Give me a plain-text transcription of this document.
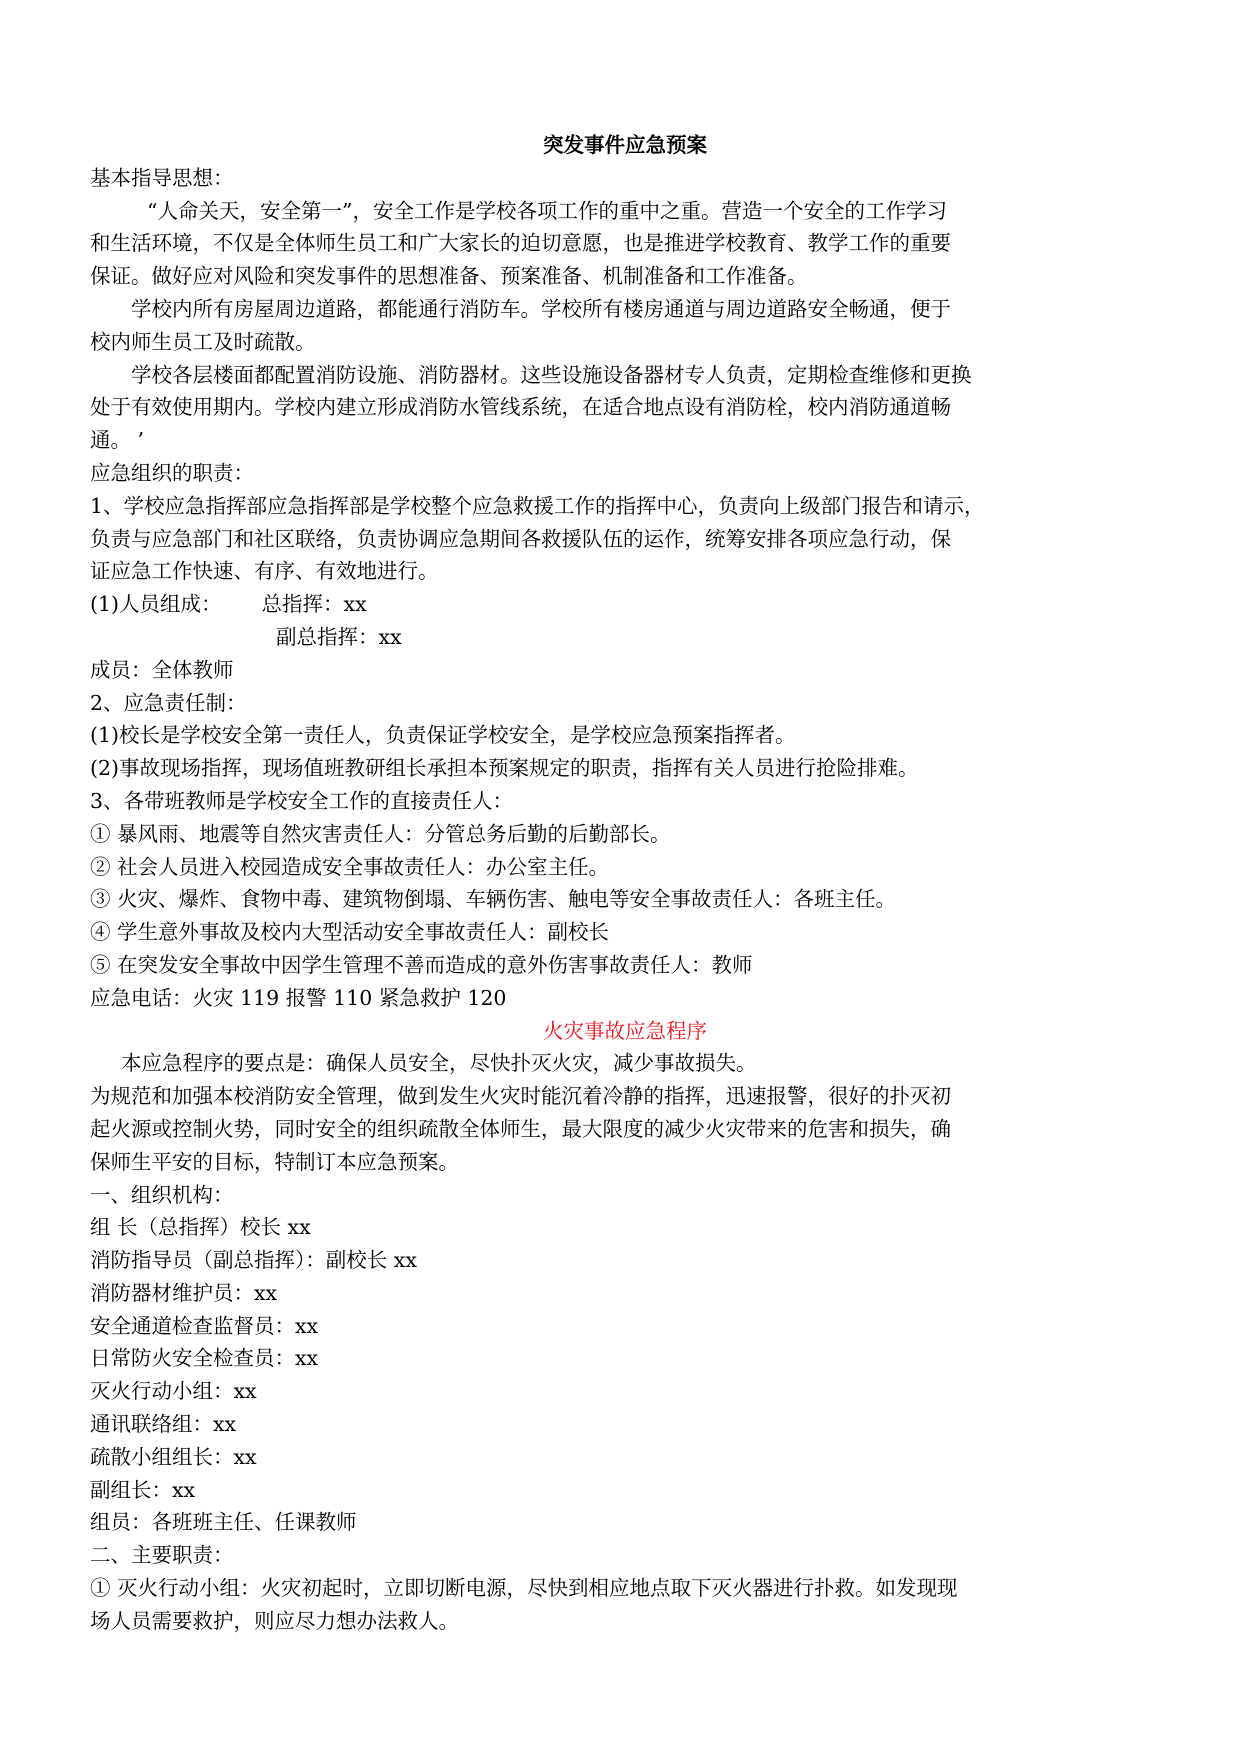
突发事件应急预案
基本指导思想：
“人命关天，安全第一”，安全工作是学校各项工作的重中之重。营造一个安全的工作学习
和生活环境，不仅是全体师生员工和广大家长的迫切意愿，也是推进学校教育、教学工作的重要
保证。做好应对风险和突发事件的思想准备、预案准备、机制准备和工作准备。
学校内所有房屋周边道路，都能通行消防车。学校所有楼房通道与周边道路安全畅通，便于
校内师生员工及时疏散。
学校各层楼面都配置消防设施、消防器材。这些设施设备器材专人负责，定期检查维修和更换
处于有效使用期内。学校内建立形成消防水管线系统，在适合地点设有消防栓，校内消防通道畅
通。 ’
应急组织的职责：
1、学校应急指挥部应急指挥部是学校整个应急救援工作的指挥中心，负责向上级部门报告和请示，
负责与应急部门和社区联络，负责协调应急期间各救援队伍的运作，统筹安排各项应急行动，保
证应急工作快速、有序、有效地进行。
(1)人员组成： 总指挥：xx
副总指挥：xx
成员：全体教师
2、应急责任制：
(1)校长是学校安全第一责任人，负责保证学校安全，是学校应急预案指挥者。
(2)事故现场指挥，现场值班教研组长承担本预案规定的职责，指挥有关人员进行抢险排难。
3、各带班教师是学校安全工作的直接责任人：
① 暴风雨、地震等自然灾害责任人：分管总务后勤的后勤部长。
② 社会人员进入校园造成安全事故责任人：办公室主任。
③ 火灾、爆炸、食物中毒、建筑物倒塌、车辆伤害、触电等安全事故责任人：各班主任。
④ 学生意外事故及校内大型活动安全事故责任人：副校长
⑤ 在突发安全事故中因学生管理不善而造成的意外伤害事故责任人：教师
应急电话：火灾 119 报警 110 紧急救护 120
火灾事故应急程序
本应急程序的要点是：确保人员安全，尽快扑灭火灾，减少事故损失。
为规范和加强本校消防安全管理，做到发生火灾时能沉着冷静的指挥，迅速报警，很好的扑灭初
起火源或控制火势，同时安全的组织疏散全体师生，最大限度的减少火灾带来的危害和损失，确
保师生平安的目标，特制订本应急预案。
一、组织机构：
组 长（总指挥）校长 xx
消防指导员（副总指挥）：副校长 xx
消防器材维护员：xx
安全通道检查监督员：xx
日常防火安全检查员：xx
灭火行动小组：xx
通讯联络组：xx
疏散小组组长：xx
副组长：xx
组员：各班班主任、任课教师
二、主要职责：
① 灭火行动小组：火灾初起时，立即切断电源，尽快到相应地点取下灭火器进行扑救。如发现现
场人员需要救护，则应尽力想办法救人。
